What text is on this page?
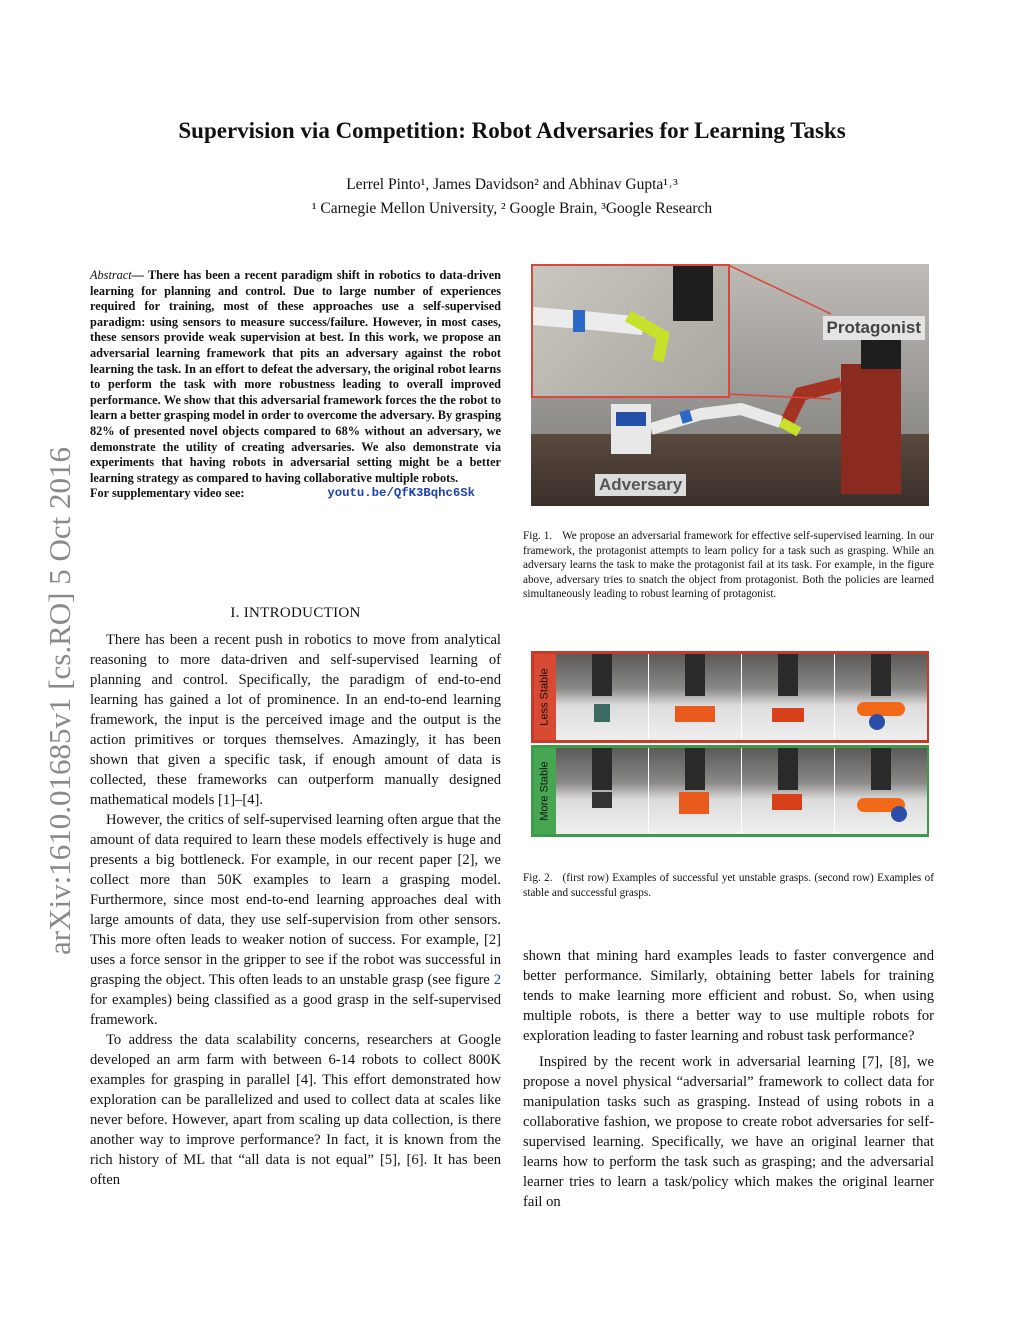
Supervision via Competition: Robot Adversaries for Learning Tasks
Lerrel Pinto¹, James Davidson² and Abhinav Gupta¹˒³
¹ Carnegie Mellon University, ² Google Brain, ³Google Research
arXiv:1610.01685v1 [cs.RO] 5 Oct 2016
Abstract— There has been a recent paradigm shift in robotics to data-driven learning for planning and control. Due to large number of experiences required for training, most of these approaches use a self-supervised paradigm: using sensors to measure success/failure. However, in most cases, these sensors provide weak supervision at best. In this work, we propose an adversarial learning framework that pits an adversary against the robot learning the task. In an effort to defeat the adversary, the original robot learns to perform the task with more robustness leading to overall improved performance. We show that this adversarial framework forces the the robot to learn a better grasping model in order to overcome the adversary. By grasping 82% of presented novel objects compared to 68% without an adversary, we demonstrate the utility of creating adversaries. We also demonstrate via experiments that having robots in adversarial setting might be a better learning strategy as compared to having collaborative multiple robots.
For supplementary video see:	youtu.be/QfK3Bqhc6Sk
I. INTRODUCTION

There has been a recent push in robotics to move from analytical reasoning to more data-driven and self-supervised learning of planning and control. Specifically, the paradigm of end-to-end learning has gained a lot of prominence. In an end-to-end learning framework, the input is the perceived image and the output is the action primitives or torques themselves. Amazingly, it has been shown that given a specific task, if enough amount of data is collected, these frameworks can outperform manually designed mathematical models [1]–[4].

However, the critics of self-supervised learning often argue that the amount of data required to learn these models effectively is huge and presents a big bottleneck. For example, in our recent paper [2], we collect more than 50K examples to learn a grasping model. Furthermore, since most end-to-end learning approaches deal with large amounts of data, they use self-supervision from other sensors. This more often leads to weaker notion of success. For example, [2] uses a force sensor in the gripper to see if the robot was successful in grasping the object. This often leads to an unstable grasp (see figure 2 for examples) being classified as a good grasp in the self-supervised framework.

To address the data scalability concerns, researchers at Google developed an arm farm with between 6-14 robots to collect 800K examples for grasping in parallel [4]. This effort demonstrated how exploration can be parallelized and used to collect data at scales like never before. However, apart from scaling up data collection, is there another way to improve performance? In fact, it is known from the rich history of ML that “all data is not equal” [5], [6]. It has been often

Protagonist
Adversary
Fig. 1. We propose an adversarial framework for effective self-supervised learning. In our framework, the protagonist attempts to learn policy for a task such as grasping. While an adversary learns the task to make the protagonist fail at its task. For example, in the figure above, adversary tries to snatch the object from protagonist. Both the policies are learned simultaneously leading to robust learning of protagonist.
Less Stable
More Stable
Fig. 2. (first row) Examples of successful yet unstable grasps. (second row) Examples of stable and successful grasps.

shown that mining hard examples leads to faster convergence and better performance. Similarly, obtaining better labels for training tends to make learning more efficient and robust. So, when using multiple robots, is there a better way to use multiple robots for exploration leading to faster learning and robust task performance?

Inspired by the recent work in adversarial learning [7], [8], we propose a novel physical “adversarial” framework to collect data for manipulation tasks such as grasping. Instead of using robots in a collaborative fashion, we propose to create robot adversaries for self-supervised learning. Specifically, we have an original learner that learns how to perform the task such as grasping; and the adversarial learner tries to learn a task/policy which makes the original learner fail on
